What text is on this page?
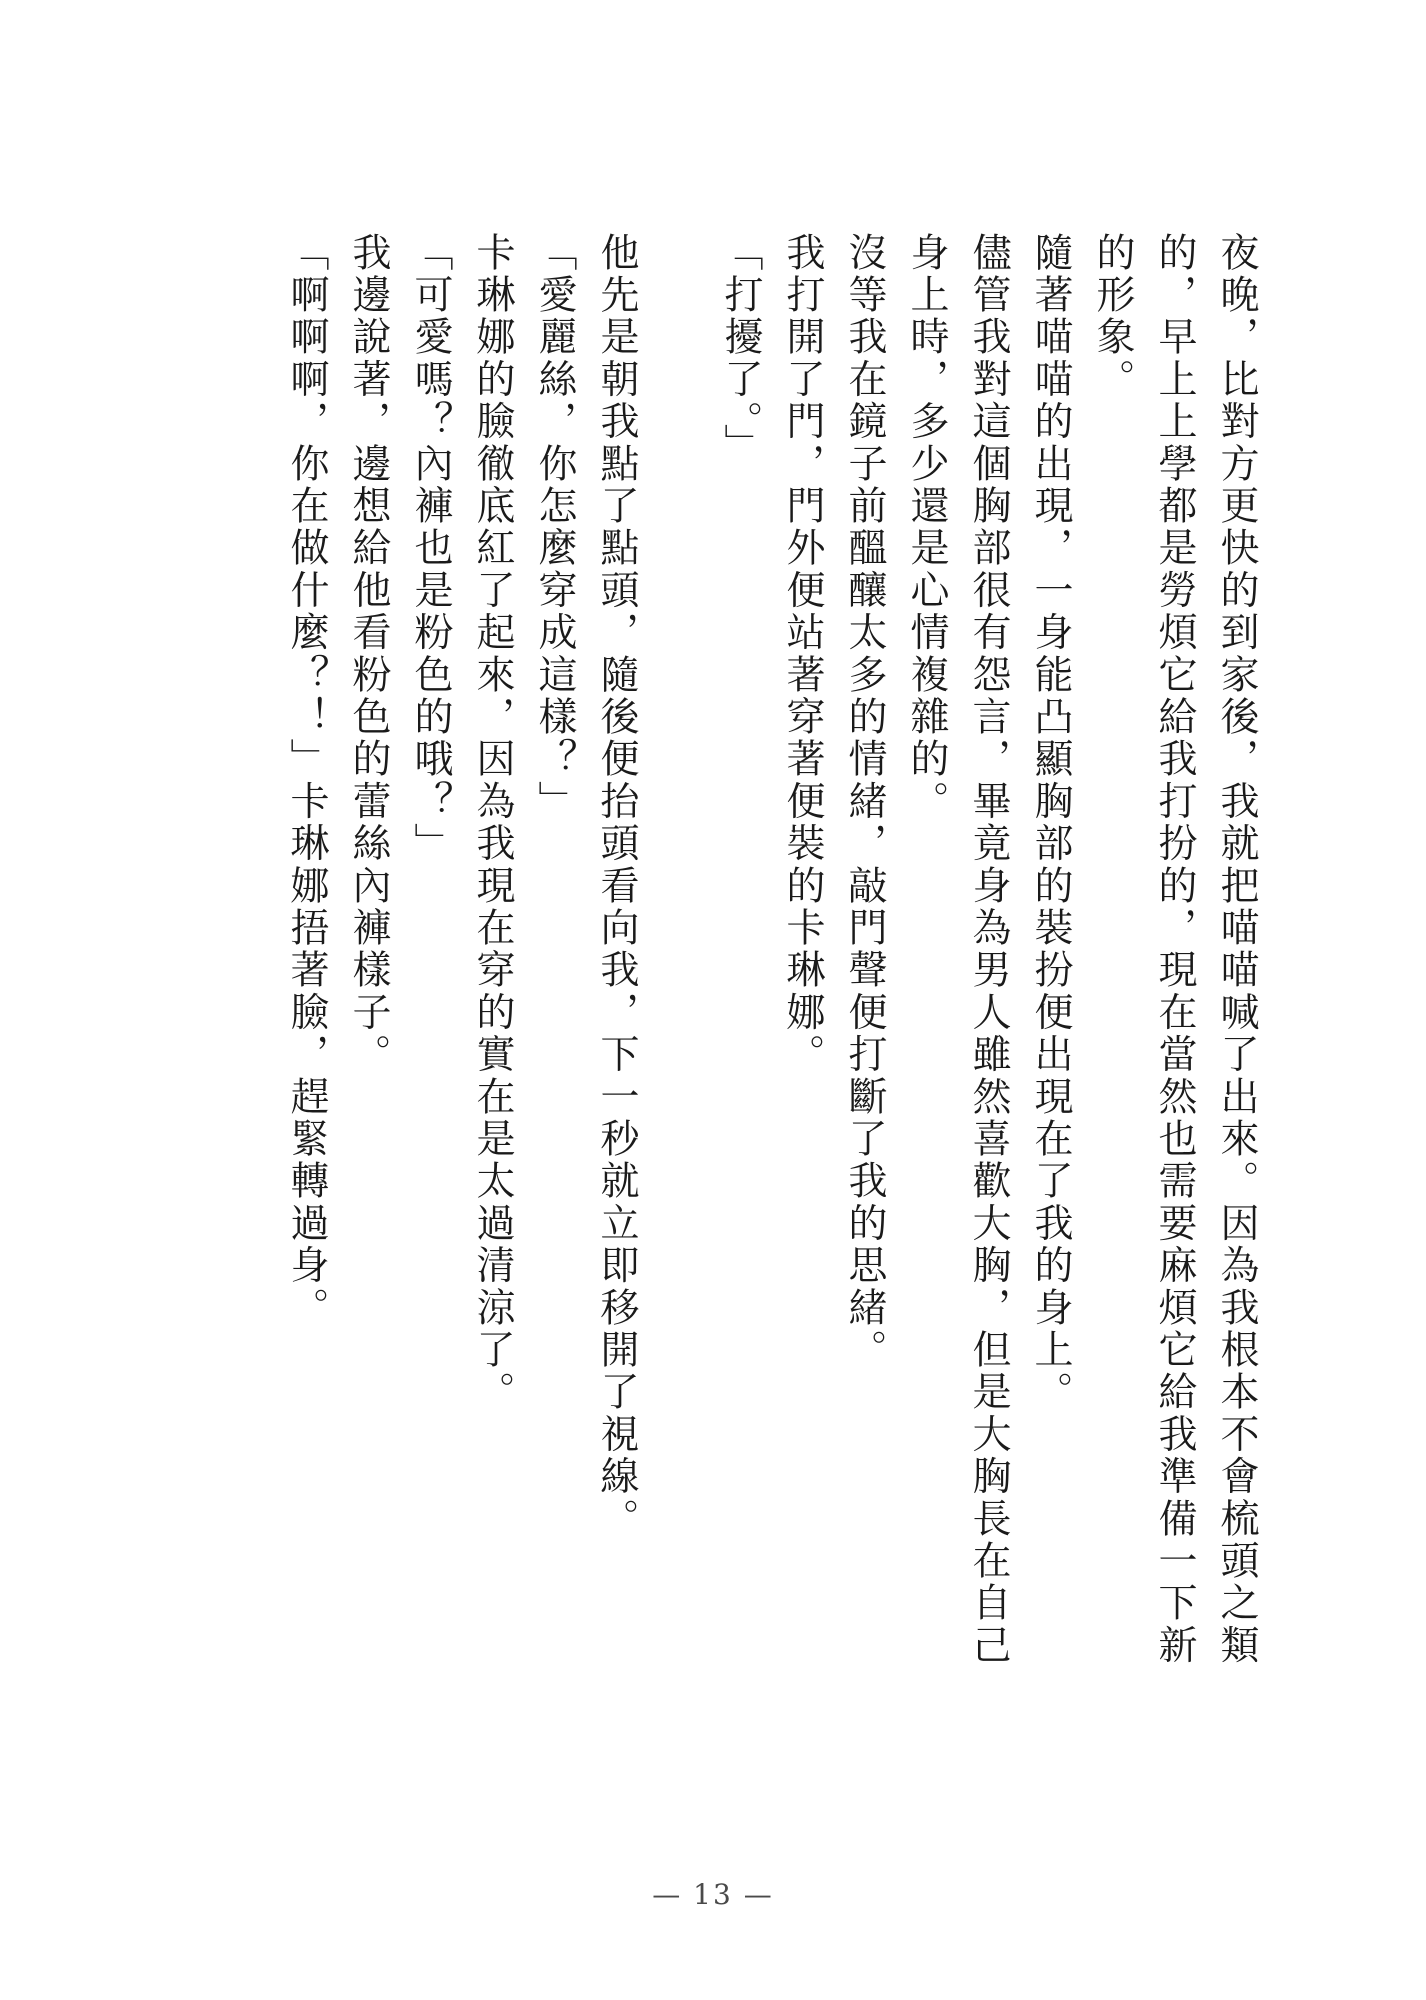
夜晚，比對方更快的到家後，我就把喵喵喊了出來。因為我根本不會梳頭之類的，早上上學都是勞煩它給我打扮的，現在當然也需要麻煩它給我準備一下新的形象。

隨著喵喵的出現，一身能凸顯胸部的裝扮便出現在了我的身上。

儘管我對這個胸部很有怨言，畢竟身為男人雖然喜歡大胸，但是大胸長在自己身上時，多少還是心情複雜的。

沒等我在鏡子前醞釀太多的情緒，敲門聲便打斷了我的思緒。

我打開了門，門外便站著穿著便裝的卡琳娜。

「打擾了。」

他先是朝我點了點頭，隨後便抬頭看向我，下一秒就立即移開了視線。

「愛麗絲，你怎麼穿成這樣？」

卡琳娜的臉徹底紅了起來，因為我現在穿的實在是太過清涼了。

「可愛嗎？內褲也是粉色的哦？」

我邊說著，邊想給他看粉色的蕾絲內褲樣子。

「啊啊啊，你在做什麼？！」卡琳娜捂著臉，趕緊轉過身。

— 13 —
